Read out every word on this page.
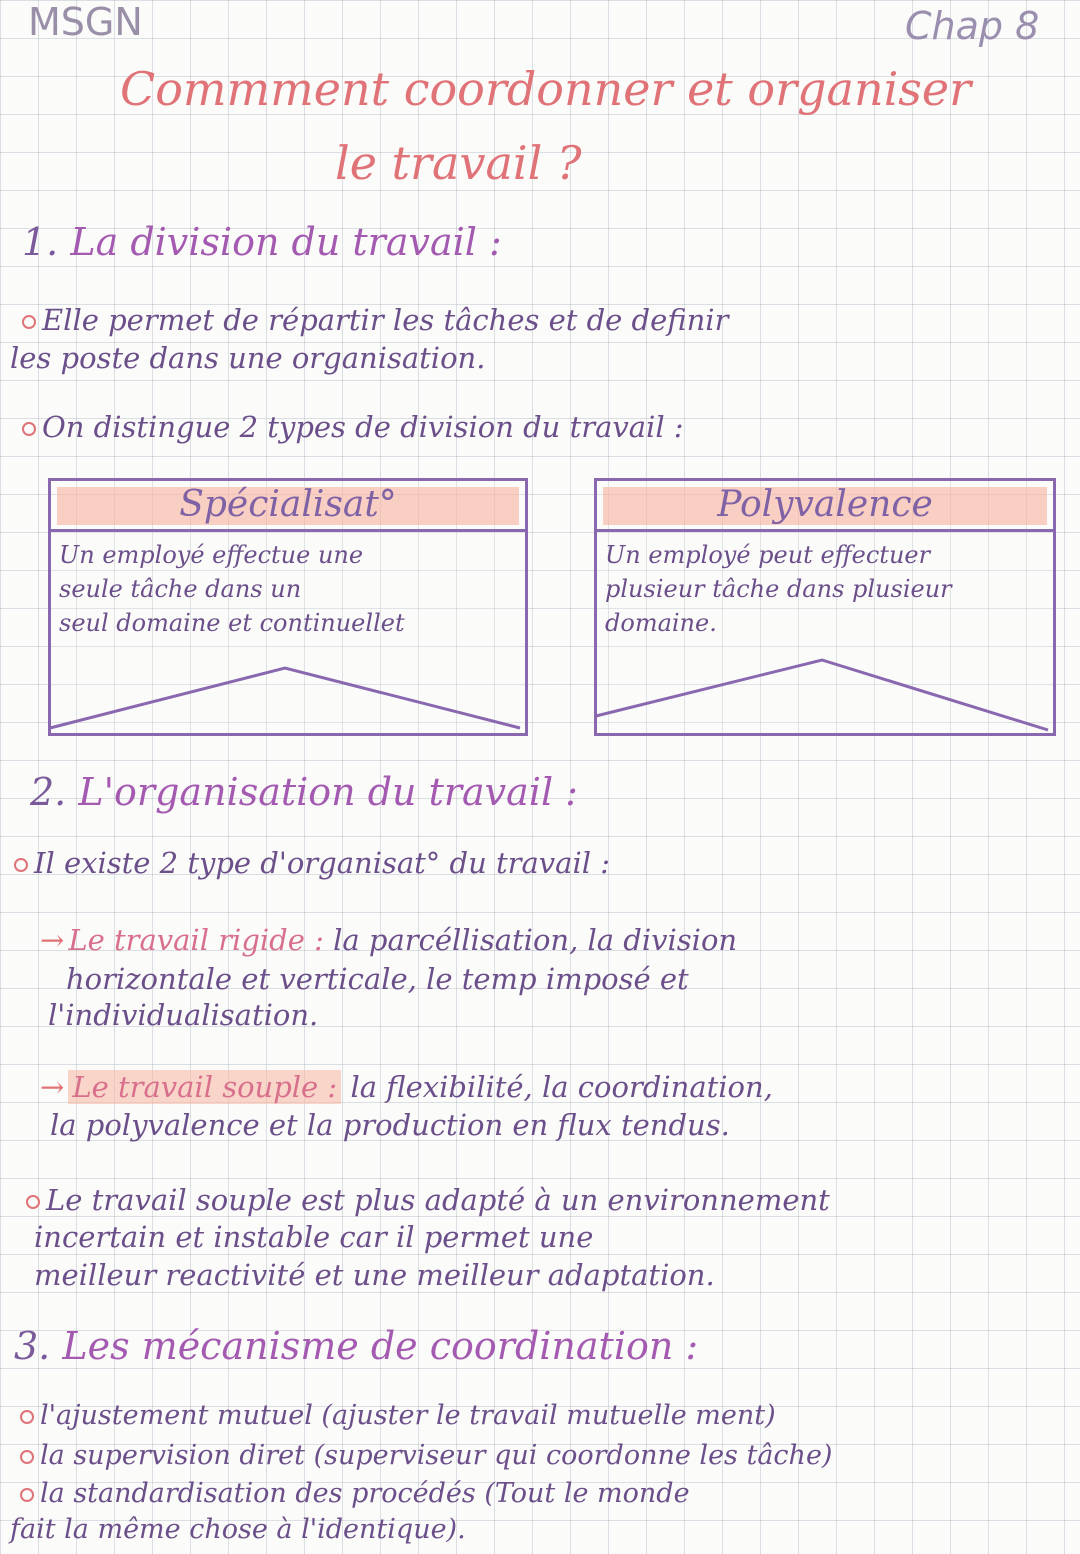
MSGN	Chap 8
Commment coordonner et organiser
le travail ?
1. La division du travail :
Elle permet de répartir les tâches et de definir
les poste dans une organisation.
On distingue 2 types de division du travail :
Spécialisat°
Un employé effectue une
seule tâche dans un
seul domaine et continuellet
Polyvalence
Un employé peut effectuer
plusieur tâche dans plusieur
domaine.
2. L'organisation du travail :
Il existe 2 type d'organisat° du travail :
→ Le travail rigide : la parcéllisation, la division
horizontale et verticale, le temp imposé et
l'individualisation.
→ Le travail souple : la flexibilité, la coordination,
la polyvalence et la production en flux tendus.
Le travail souple est plus adapté à un environnement
incertain et instable car il permet une
meilleur reactivité et une meilleur adaptation.
3. Les mécanisme de coordination :
l'ajustement mutuel (ajuster le travail mutuelle ment)
la supervision diret (superviseur qui coordonne les tâche)
la standardisation des procédés (Tout le monde
fait la même chose à l'identique).
